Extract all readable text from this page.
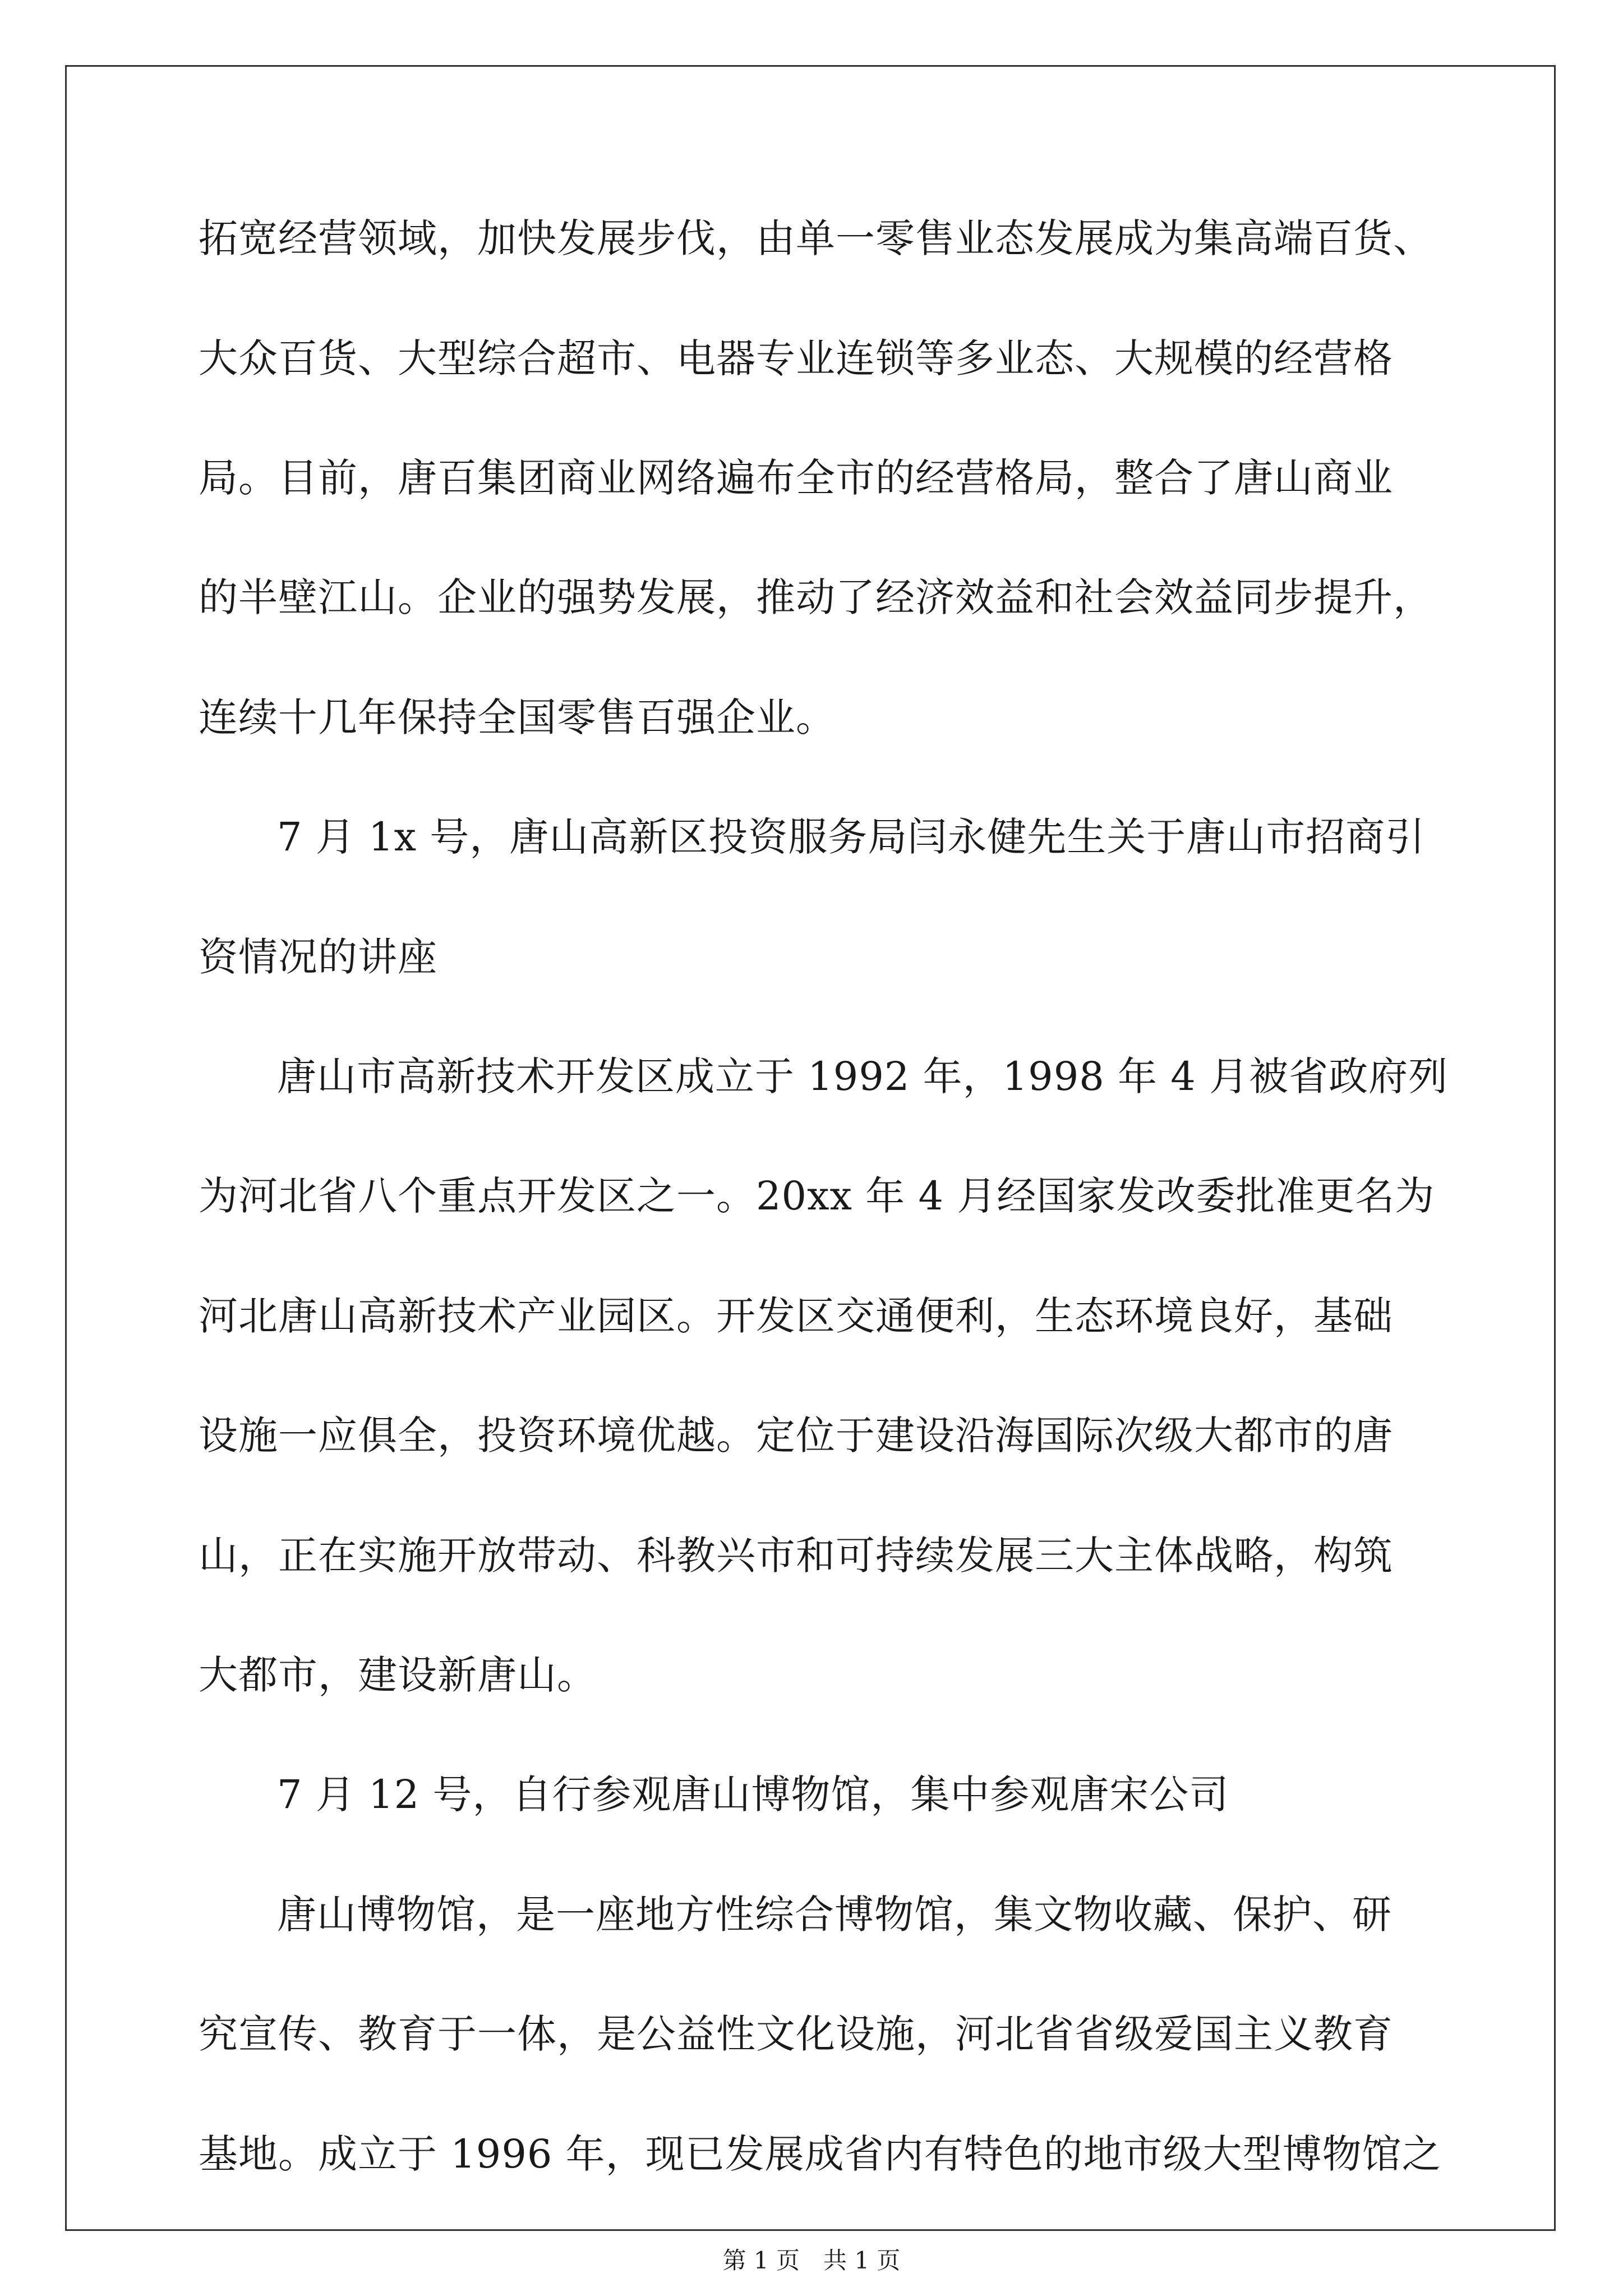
拓宽经营领域，加快发展步伐，由单一零售业态发展成为集高端百货、
大众百货、大型综合超市、电器专业连锁等多业态、大规模的经营格
局。目前，唐百集团商业网络遍布全市的经营格局，整合了唐山商业
的半壁江山。企业的强势发展，推动了经济效益和社会效益同步提升，
连续十几年保持全国零售百强企业。
7 月 1x 号，唐山高新区投资服务局闫永健先生关于唐山市招商引
资情况的讲座
唐山市高新技术开发区成立于 1992 年，1998 年 4 月被省政府列
为河北省八个重点开发区之一。20xx 年 4 月经国家发改委批准更名为
河北唐山高新技术产业园区。开发区交通便利，生态环境良好，基础
设施一应俱全，投资环境优越。定位于建设沿海国际次级大都市的唐
山，正在实施开放带动、科教兴市和可持续发展三大主体战略，构筑
大都市，建设新唐山。
7 月 12 号，自行参观唐山博物馆，集中参观唐宋公司
唐山博物馆，是一座地方性综合博物馆，集文物收藏、保护、研
究宣传、教育于一体，是公益性文化设施，河北省省级爱国主义教育
基地。成立于 1996 年，现已发展成省内有特色的地市级大型博物馆之
第 1 页　共 1 页
